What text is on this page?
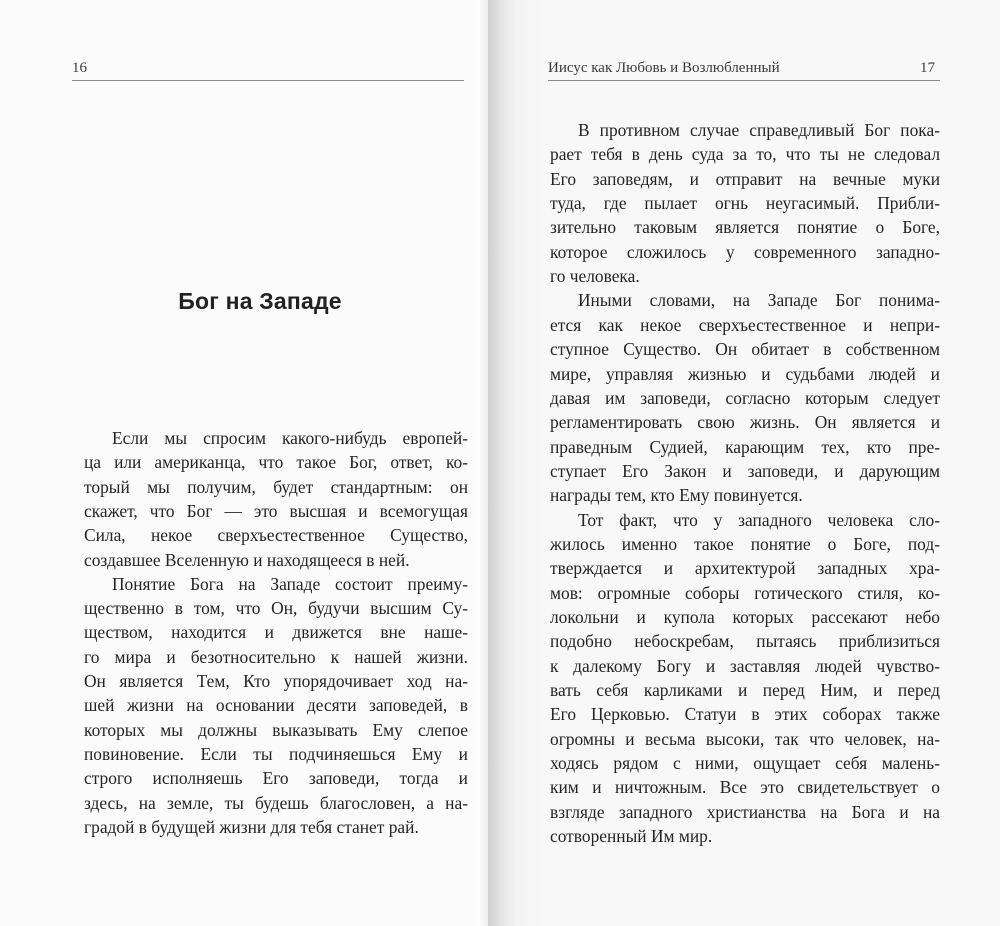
16
Бог на Западе
Если мы спросим какого-нибудь европей-
ца или американца, что такое Бог, ответ, ко-
торый мы получим, будет стандартным: он
скажет, что Бог — это высшая и всемогущая
Сила, некое сверхъестественное Существо,
создавшее Вселенную и находящееся в ней.
Понятие Бога на Западе состоит преиму-
щественно в том, что Он, будучи высшим Су-
ществом, находится и движется вне наше-
го мира и безотносительно к нашей жизни.
Он является Тем, Кто упорядочивает ход на-
шей жизни на основании десяти заповедей, в
которых мы должны выказывать Ему слепое
повиновение. Если ты подчиняешься Ему и
строго исполняешь Его заповеди, тогда и
здесь, на земле, ты будешь благословен, а на-
градой в будущей жизни для тебя станет рай.
Иисус как Любовь и Возлюбленный	17
В противном случае справедливый Бог пока-
рает тебя в день суда за то, что ты не следовал
Его заповедям, и отправит на вечные муки
туда, где пылает огнь неугасимый. Прибли-
зительно таковым является понятие о Боге,
которое сложилось у современного западно-
го человека.
Иными словами, на Западе Бог понима-
ется как некое сверхъестественное и непри-
ступное Существо. Он обитает в собственном
мире, управляя жизнью и судьбами людей и
давая им заповеди, согласно которым следует
регламентировать свою жизнь. Он является и
праведным Судией, карающим тех, кто пре-
ступает Его Закон и заповеди, и дарующим
награды тем, кто Ему повинуется.
Тот факт, что у западного человека сло-
жилось именно такое понятие о Боге, под-
тверждается и архитектурой западных хра-
мов: огромные соборы готического стиля, ко-
локольни и купола которых рассекают небо
подобно небоскребам, пытаясь приблизиться
к далекому Богу и заставляя людей чувство-
вать себя карликами и перед Ним, и перед
Его Церковью. Статуи в этих соборах также
огромны и весьма высоки, так что человек, на-
ходясь рядом с ними, ощущает себя малень-
ким и ничтожным. Все это свидетельствует о
взгляде западного христианства на Бога и на
сотворенный Им мир.
